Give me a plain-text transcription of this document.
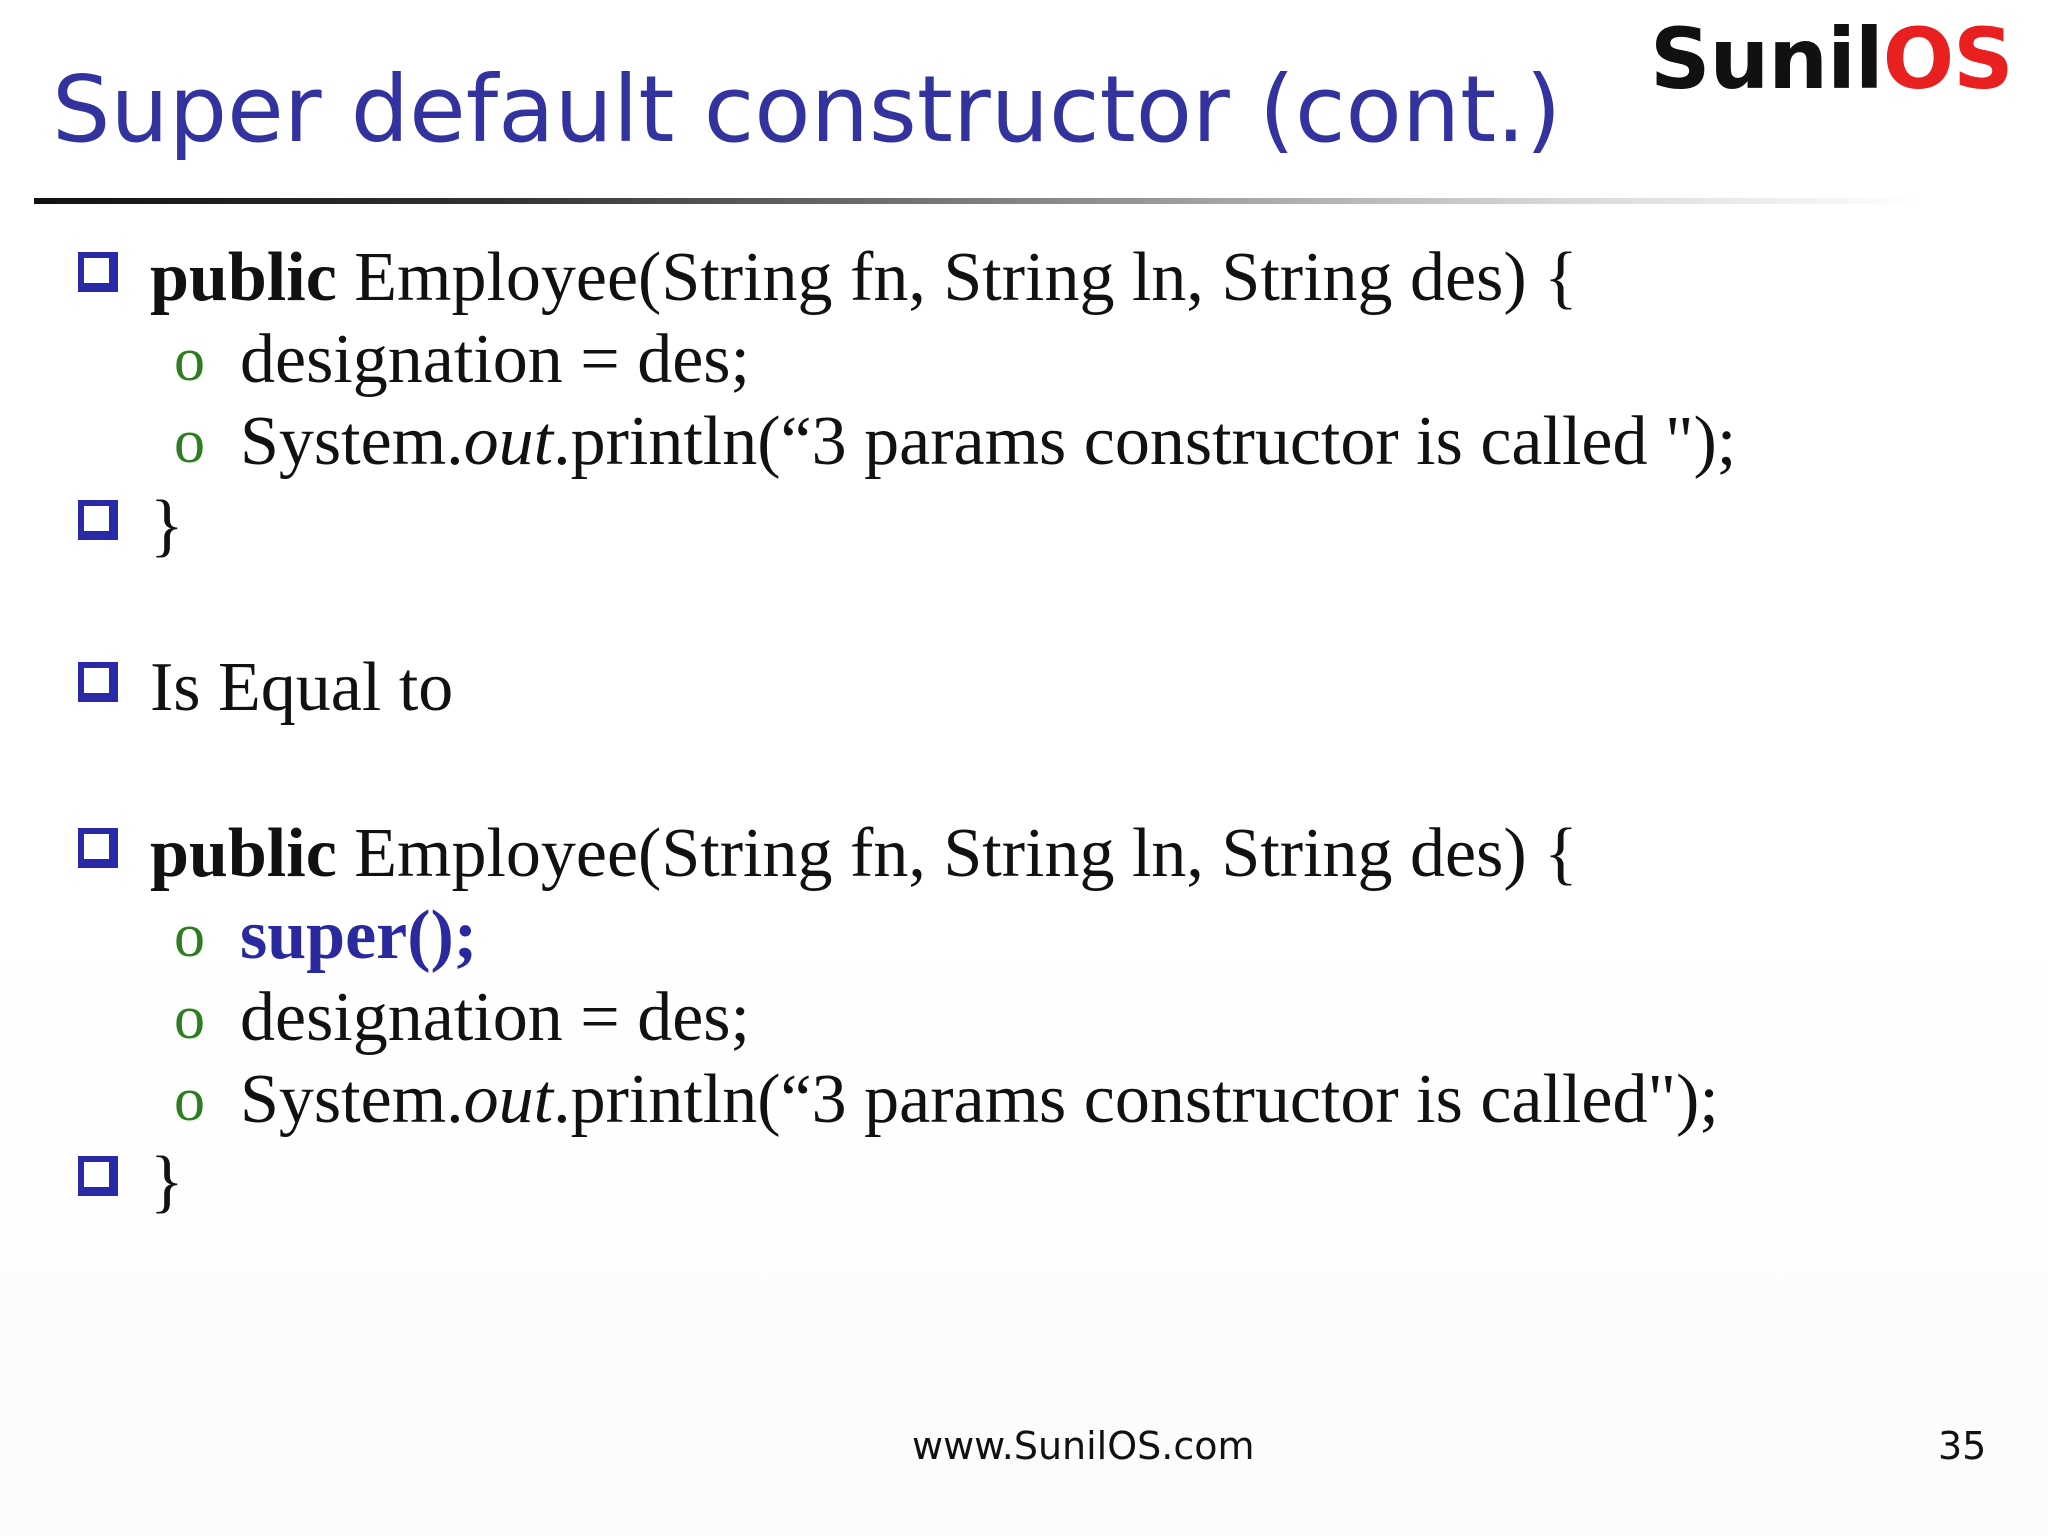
Super default constructor (cont.) SunilOS
public Employee(String fn, String ln, String des) {
o designation = des;
o System.out.println(“3 params constructor is called ");
}
Is Equal to
public Employee(String fn, String ln, String des) {
o super();
o designation = des;
o System.out.println(“3 params constructor is called");
}
www.SunilOS.com	35
